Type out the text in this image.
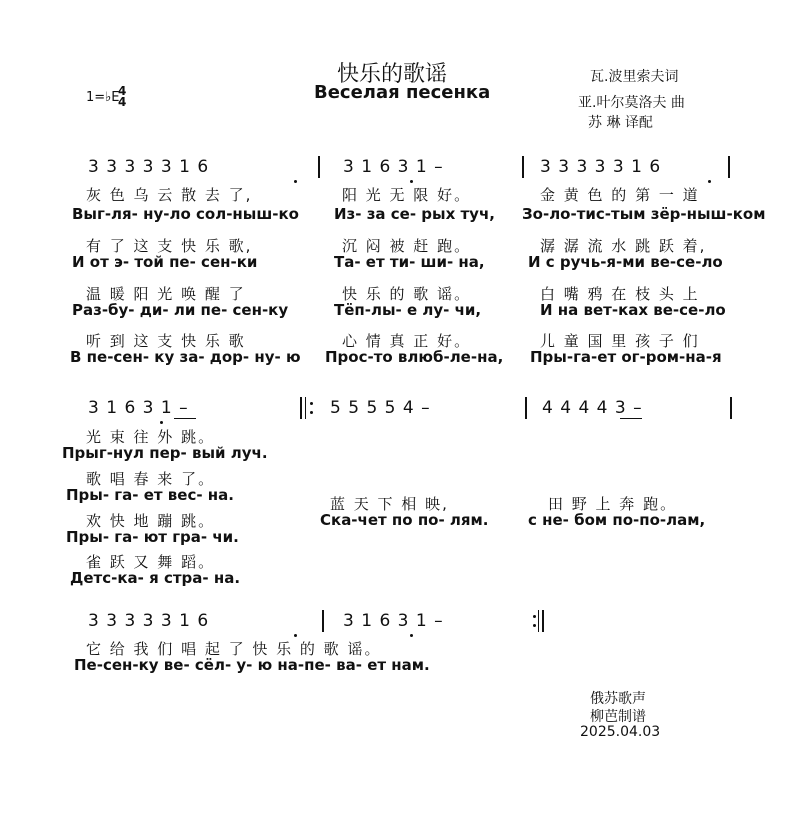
快乐的歌谣
Веселая песенка
瓦.波里索夫词
亚.叶尔莫洛夫 曲
苏 琳 译配
1=♭E
4
4
3 3 3 3 3 1 6	3 1 6 3 1 –	3 3 3 3 3 1 6
灰 色 乌 云 散 去 了,	阳 光 无 限 好。	金 黄 色 的 第 一 道
Выг-ля- ну-ло сол-ныш-ко Из- за се- рых туч, Зо-ло-тис-тым зёр-ныш-ком
有 了 这 支 快 乐 歌,	沉 闷 被 赶 跑。	潺 潺 流 水 跳 跃 着,
И от э- той пе- сен-ки	Та- ет ти- ши- на,	И с ручь-я-ми ве-се-ло
温 暖 阳 光 唤 醒 了	快 乐 的 歌 谣。	白 嘴 鸦 在 枝 头 上
Раз-бу- ди- ли пе- сен-ку	Тёп-лы- е лу- чи,	И на вет-ках ве-се-ло
听 到 这 支 快 乐 歌	心 情 真 正 好。	儿 童 国 里 孩 子 们
В пе-сен- ку за- дор- ну- ю Прос-то влюб-ле-на, Пры-га-ет ог-ром-на-я
3 1 6 3 1 –	5 5 5 5 4 –	4 4 4 4 3 –
光 束 往 外 跳。
Прыг-нул пер- вый луч.
歌 唱 春 来 了。
Пры- га- ет вес- на.
欢 快 地 蹦 跳。
Пры- га- ют гра- чи.
雀 跃 又 舞 蹈。
Детс-ка- я стра- на.
蓝 天 下 相 映,	田 野 上 奔 跑。
Ска-чет по по- лям.	с не- бом по-по-лам,
3 3 3 3 3 1 6	3 1 6 3 1 –
它 给 我 们 唱 起 了 快 乐 的 歌 谣。
Пе-сен-ку ве- сёл- у- ю на-пе- ва- ет нам.
俄苏歌声
柳芭制谱
2025.04.03
